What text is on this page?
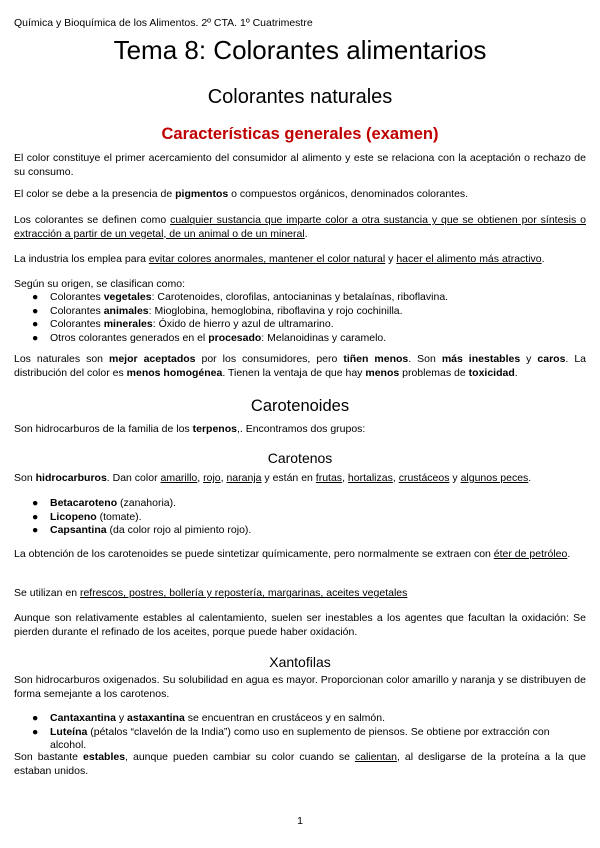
Química y Bioquímica de los Alimentos. 2º CTA. 1º Cuatrimestre
Tema 8: Colorantes alimentarios
Colorantes naturales
Características generales (examen)
El color constituye el primer acercamiento del consumidor al alimento y este se relaciona con la aceptación o rechazo de su consumo.
El color se debe a la presencia de pigmentos o compuestos orgánicos, denominados colorantes.
Los colorantes se definen como cualquier sustancia que imparte color a otra sustancia y que se obtienen por síntesis o extracción a partir de un vegetal, de un animal o de un mineral.
La industria los emplea para evitar colores anormales, mantener el color natural y hacer el alimento más atractivo.
Según su origen, se clasifican como:
● Colorantes vegetales: Carotenoides, clorofilas, antocianinas y betalaínas, riboflavina.
● Colorantes animales: Mioglobina, hemoglobina, riboflavina y rojo cochinilla.
● Colorantes minerales: Óxido de hierro y azul de ultramarino.
● Otros colorantes generados en el procesado: Melanoidinas y caramelo.
Los naturales son mejor aceptados por los consumidores, pero tiñen menos. Son más inestables y caros. La distribución del color es menos homogénea. Tienen la ventaja de que hay menos problemas de toxicidad.
Carotenoides
Son hidrocarburos de la familia de los terpenos,. Encontramos dos grupos:
Carotenos
Son hidrocarburos. Dan color amarillo, rojo, naranja y están en frutas, hortalizas, crustáceos y algunos peces.
● Betacaroteno (zanahoria).
● Licopeno (tomate).
● Capsantina (da color rojo al pimiento rojo).
La obtención de los carotenoides se puede sintetizar químicamente, pero normalmente se extraen con éter de petróleo.
Se utilizan en refrescos, postres, bollería y repostería, margarinas, aceites vegetales
Aunque son relativamente estables al calentamiento, suelen ser inestables a los agentes que facultan la oxidación: Se pierden durante el refinado de los aceites, porque puede haber oxidación.
Xantofilas
Son hidrocarburos oxigenados. Su solubilidad en agua es mayor. Proporcionan color amarillo y naranja y se distribuyen de forma semejante a los carotenos.
● Cantaxantina y astaxantina se encuentran en crustáceos y en salmón.
● Luteína (pétalos “clavelón de la India”) como uso en suplemento de piensos. Se obtiene por extracción con alcohol.
Son bastante estables, aunque pueden cambiar su color cuando se calientan, al desligarse de la proteína a la que estaban unidos.
1
